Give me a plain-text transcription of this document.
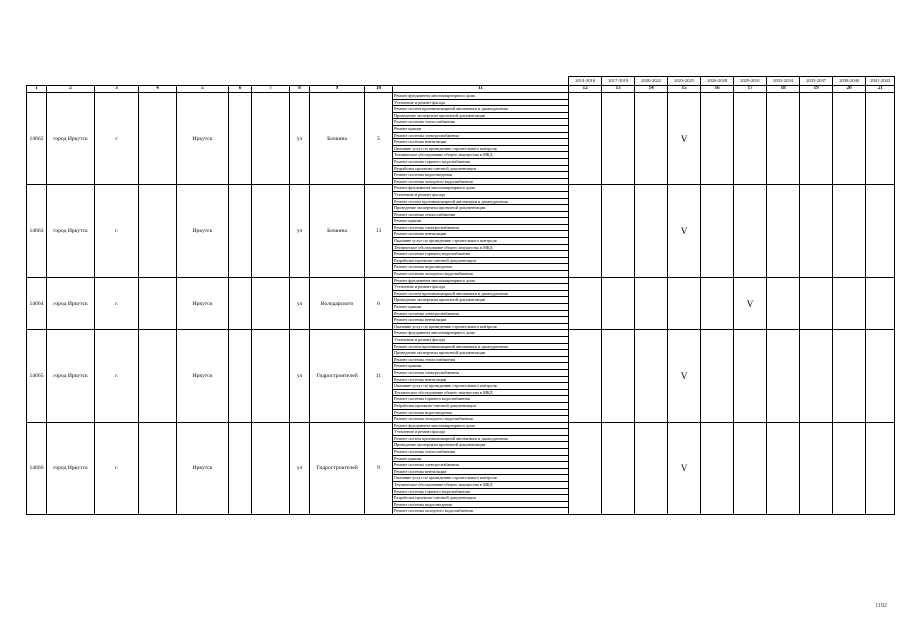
											2014-2016	2017-2019	2020-2022	2023-2025	2026-2028	2029-2031	2032-2034	2035-2037	2038-2040	2041-2043
1	2	3	4	5	6	7	8	9	10	11	12	13	14	15	16	17	18	19	20	21
14662	город Иркутск	г		Иркутск			ул	Бочкина	5	Ремонт фундамента многоквартирного дома				V						
										Утепление и ремонт фасада										
										Ремонт систем противопожарной автоматики и дымоудаления										
										Проведение экспертизы проектной документации										
										Ремонт системы теплоснабжения										
										Ремонт крыши										
										Ремонт системы электроснабжения										
										Ремонт системы вентиляции										
										Оказание услуг по проведению строительного контроля										
										Техническое обследование общего имущества в МКД										
										Ремонт системы горячего водоснабжения										
										Разработка проектно-сметной документации										
										Ремонт системы водоотведения										
										Ремонт системы холодного водоснабжения										
14663	город Иркутск	г.		Иркутск			ул	Бочкина	13	Ремонт фундамента многоквартирного дома				V						
										Утепление и ремонт фасада										
										Ремонт систем противопожарной автоматики и дымоудаления										
										Проведение экспертизы проектной документации										
										Ремонт системы теплоснабжения										
										Ремонт крыши										
										Ремонт системы электроснабжения										
										Ремонт системы вентиляции										
										Оказание услуг по проведению строительного контроля										
										Техническое обследование общего имущества в МКД										
										Ремонт системы горячего водоснабжения										
										Разработка проектно-сметной документации										
										Ремонт системы водоотведения										
										Ремонт системы холодного водоснабжения										
14664	город Иркутск	г.		Иркутск			ул	Володарского	6	Ремонт фундамента многоквартирного дома						V				
										Утепление и ремонт фасада										
										Ремонт систем противопожарной автоматики и дымоудаления										
										Проведение экспертизы проектной документации										
										Ремонт крыши										
										Ремонт системы электроснабжения										
										Ремонт системы вентиляции										
										Оказание услуг по проведению строительного контроля										
14665	город Иркутск	г.		Иркутск			ул	Гидростроителей	11	Ремонт фундамента многоквартирного дома				V						
										Утепление и ремонт фасада										
										Ремонт систем противопожарной автоматики и дымоудаления										
										Проведение экспертизы проектной документации										
										Ремонт системы теплоснабжения										
										Ремонт крыши										
										Ремонт системы электроснабжения										
										Ремонт системы вентиляции										
										Оказание услуг по проведению строительного контроля										
										Техническое обследование общего имущества в МКД										
										Ремонт системы горячего водоснабжения										
										Разработка проектно-сметной документации										
										Ремонт системы водоотведения										
										Ремонт системы холодного водоснабжения										
14666	город Иркутск	г.		Иркутск			ул	Гидростроителей	9	Ремонт фундамента многоквартирного дома				V						
										Утепление и ремонт фасада										
										Ремонт систем противопожарной автоматики и дымоудаления										
										Проведение экспертизы проектной документации										
										Ремонт системы теплоснабжения										
										Ремонт крыши										
										Ремонт системы электроснабжения										
										Ремонт системы вентиляции										
										Оказание услуг по проведению строительного контроля										
										Техническое обследование общего имущества в МКД										
										Ремонт системы горячего водоснабжения										
										Разработка проектно-сметной документации										
										Ремонт системы водоотведения										
										Ремонт системы холодного водоснабжения										
1192
